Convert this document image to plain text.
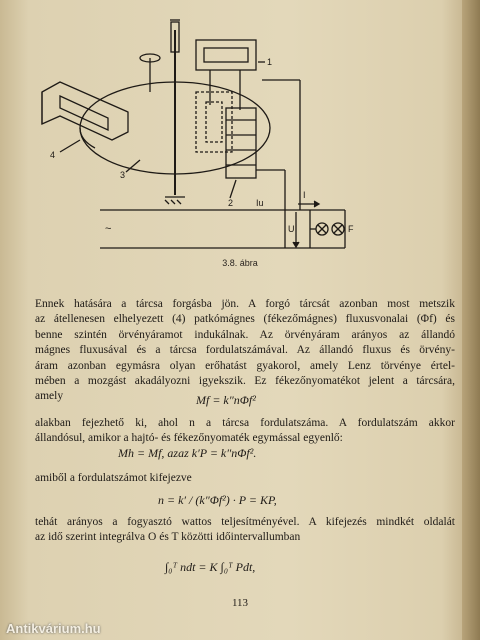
1
2
3
4
I
Iu
U	F
~
3.8. ábra
Ennek hatására a tárcsa forgásba jön. A forgó tárcsát azonban most metszik
az átellenesen elhelyezett (4) patkómágnes (fékezőmágnes) fluxusvonalai (Φf) és
benne szintén örvényáramot indukálnak. Az örvényáram arányos az állandó
mágnes fluxusával és a tárcsa fordulatszámával. Az állandó fluxus és örvény-
áram azonban egymásra olyan erőhatást gyakorol, amely Lenz törvénye értel-
mében a mozgást akadályozni igyekszik. Ez fékezőnyomatékot jelent a tárcsára,
amely	Mf = k″nΦf²
alakban fejezhető ki, ahol n a tárcsa fordulatszáma. A fordulatszám akkor
állandósul, amikor a hajtó- és fékezőnyomaték egymással egyenlő:
Mh = Mf, azaz k′P = k″nΦf².
amiből a fordulatszámot kifejezve
n = k′ / (k″Φf²) · P = KP,
tehát arányos a fogyasztó wattos teljesítményével. A kifejezés mindkét oldalát
az idő szerint integrálva O és T közötti időintervallumban
∫₀ᵀ ndt = K ∫₀ᵀ Pdt,
113
Antikvárium.hu
